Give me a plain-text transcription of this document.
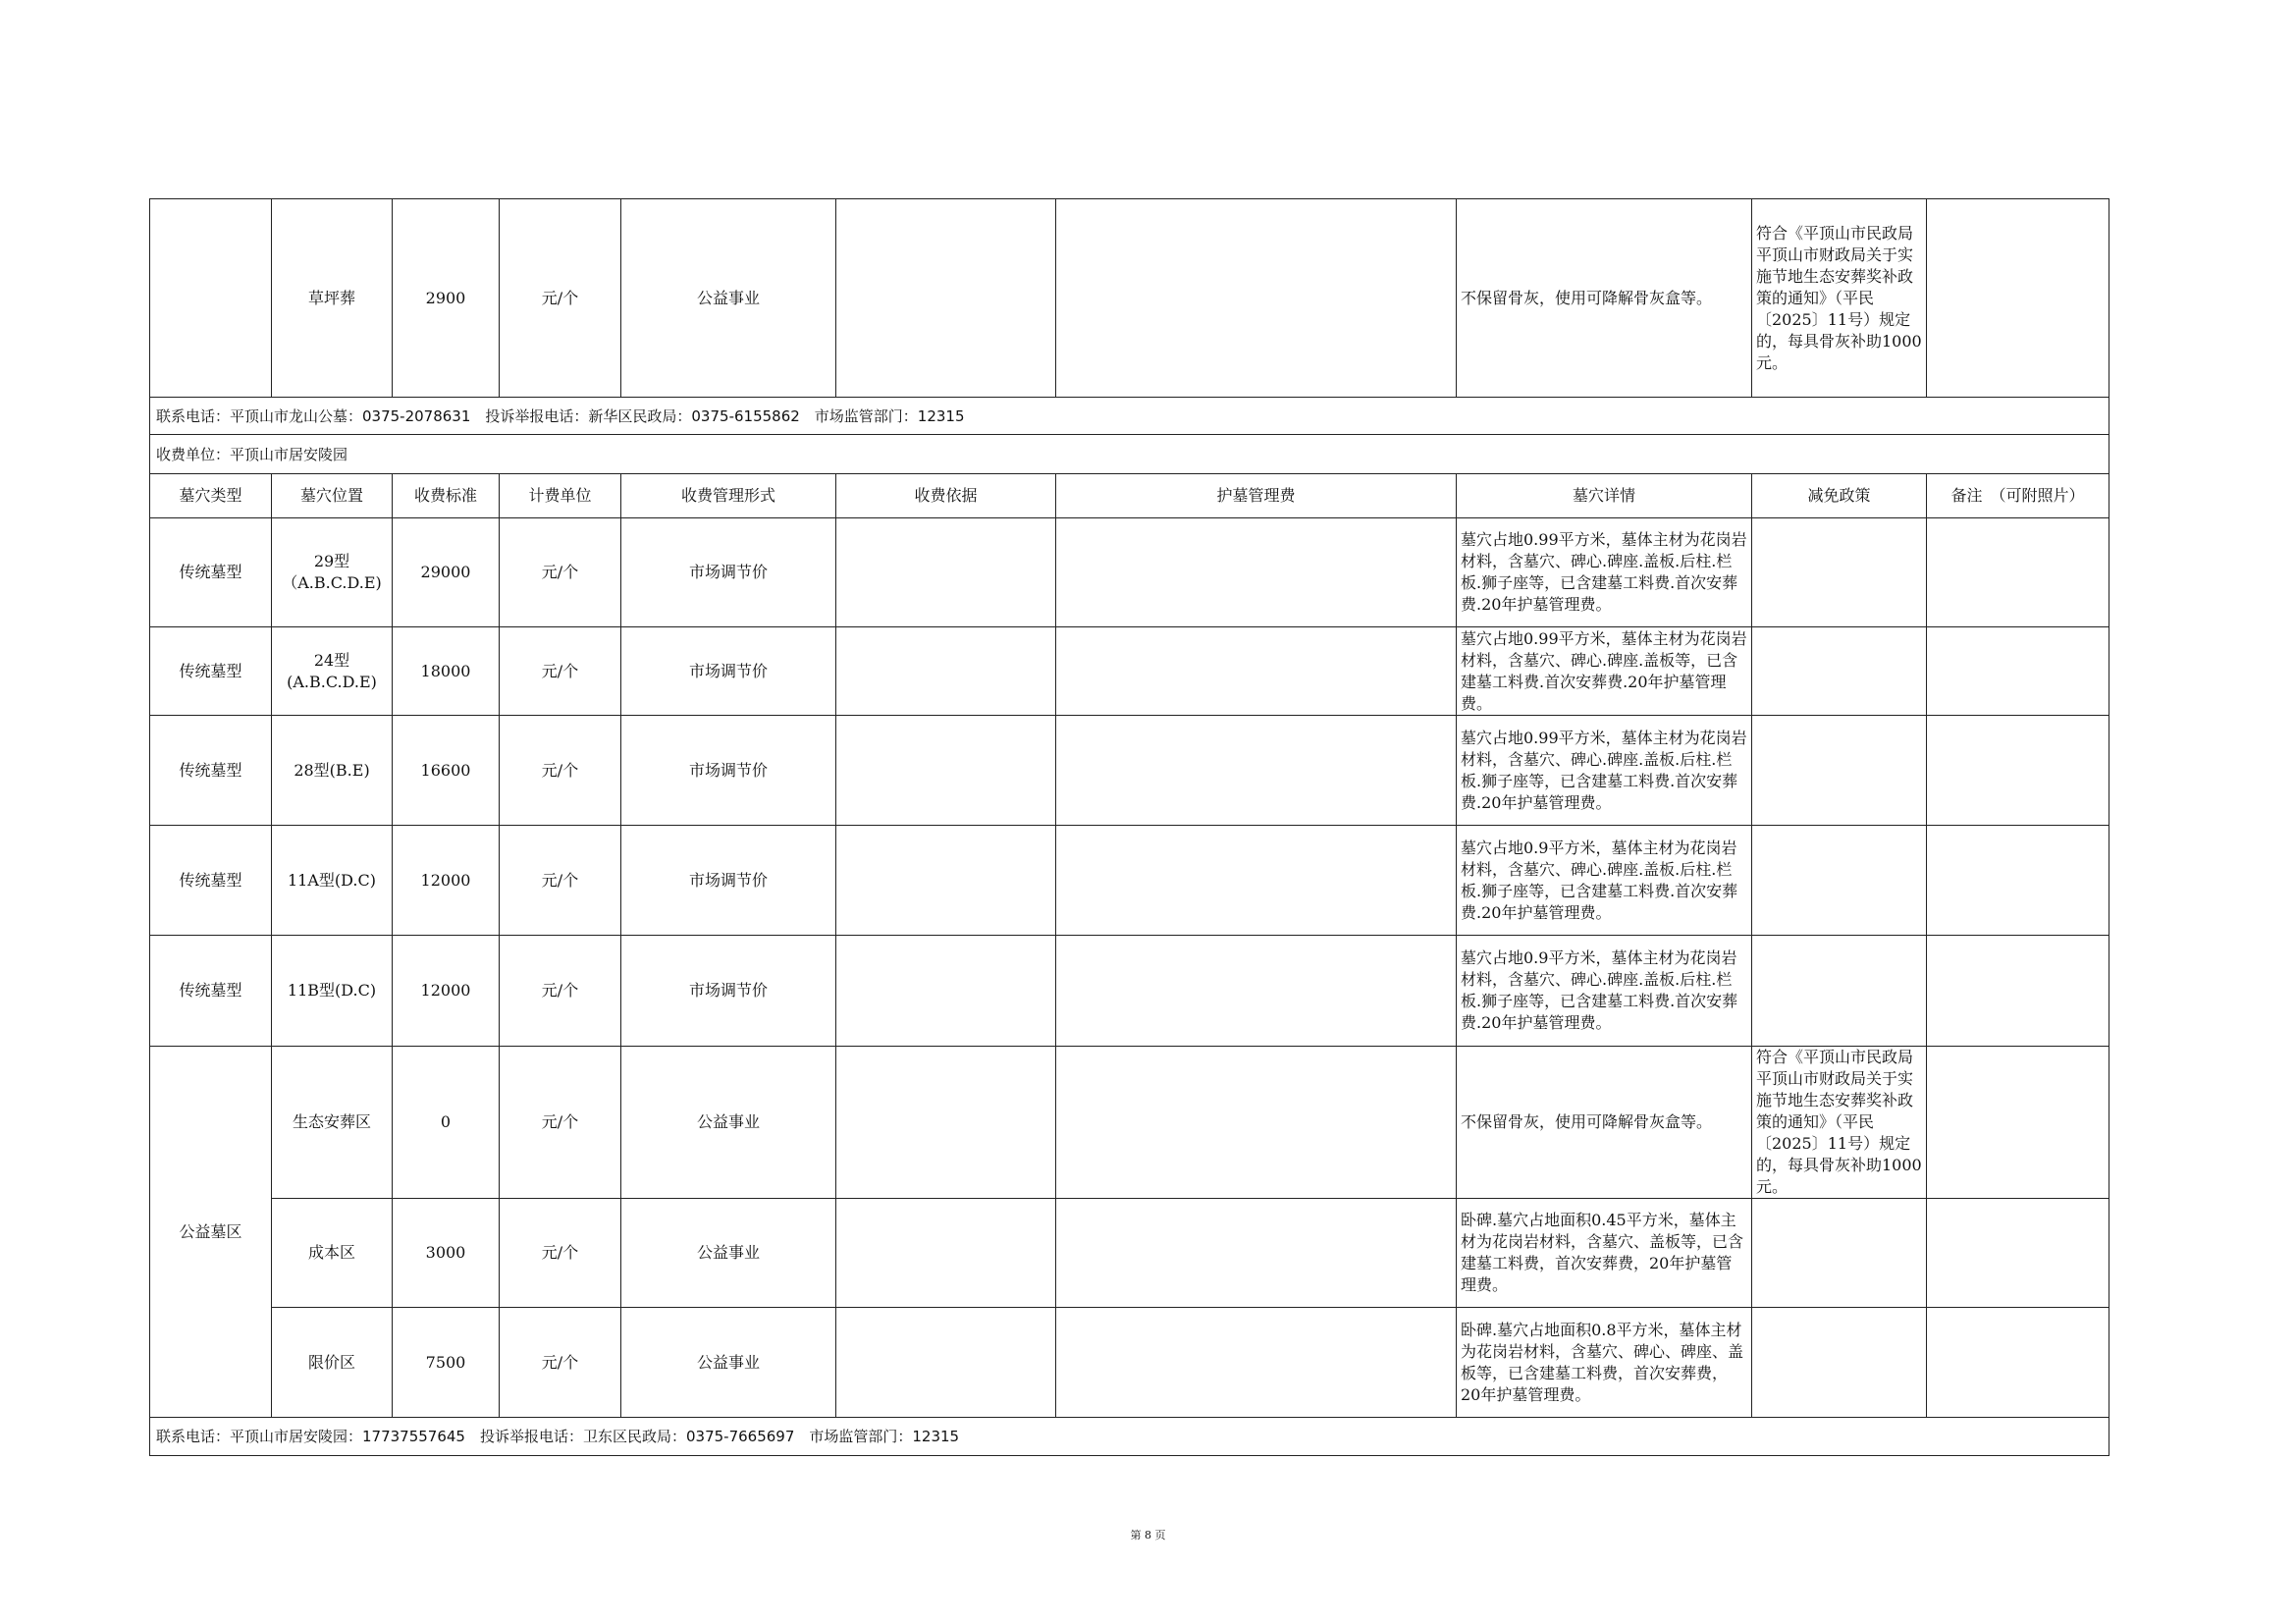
	草坪葬	2900	元/个	公益事业			不保留骨灰，使用可降解骨灰盒等。	符合《平顶山市民政局平顶山市财政局关于实施节地生态安葬奖补政策的通知》（平民〔2025〕11号）规定的，每具骨灰补助1000元。	
联系电话：平顶山市龙山公墓：0375-2078631　投诉举报电话：新华区民政局：0375-6155862　市场监管部门：12315									
收费单位：平顶山市居安陵园									
墓穴类型	墓穴位置	收费标准	计费单位	收费管理形式	收费依据	护墓管理费	墓穴详情	减免政策	备注　（可附照片）
传统墓型	29型（A.B.C.D.E)	29000	元/个	市场调节价			墓穴占地0.99平方米，墓体主材为花岗岩材料，含墓穴、碑心.碑座.盖板.后柱.栏板.狮子座等，已含建墓工料费.首次安葬费.20年护墓管理费。		
传统墓型	24型(A.B.C.D.E)	18000	元/个	市场调节价			墓穴占地0.99平方米，墓体主材为花岗岩材料，含墓穴、碑心.碑座.盖板等，已含建墓工料费.首次安葬费.20年护墓管理费。		
传统墓型	28型(B.E)	16600	元/个	市场调节价			墓穴占地0.99平方米，墓体主材为花岗岩材料，含墓穴、碑心.碑座.盖板.后柱.栏板.狮子座等，已含建墓工料费.首次安葬费.20年护墓管理费。		
传统墓型	11A型(D.C)	12000	元/个	市场调节价			墓穴占地0.9平方米，墓体主材为花岗岩材料，含墓穴、碑心.碑座.盖板.后柱.栏板.狮子座等，已含建墓工料费.首次安葬费.20年护墓管理费。		
传统墓型	11B型(D.C)	12000	元/个	市场调节价			墓穴占地0.9平方米，墓体主材为花岗岩材料，含墓穴、碑心.碑座.盖板.后柱.栏板.狮子座等，已含建墓工料费.首次安葬费.20年护墓管理费。		
公益墓区	生态安葬区	0	元/个	公益事业			不保留骨灰，使用可降解骨灰盒等。	符合《平顶山市民政局平顶山市财政局关于实施节地生态安葬奖补政策的通知》（平民〔2025〕11号）规定的，每具骨灰补助1000元。	
	成本区	3000	元/个	公益事业			卧碑.墓穴占地面积0.45平方米，墓体主材为花岗岩材料，含墓穴、盖板等，已含建墓工料费，首次安葬费，20年护墓管理费。		
	限价区	7500	元/个	公益事业			卧碑.墓穴占地面积0.8平方米，墓体主材为花岗岩材料，含墓穴、碑心、碑座、盖板等，已含建墓工料费，首次安葬费，20年护墓管理费。		
联系电话：平顶山市居安陵园：17737557645　投诉举报电话：卫东区民政局：0375-7665697　市场监管部门：12315									
第 8 页
